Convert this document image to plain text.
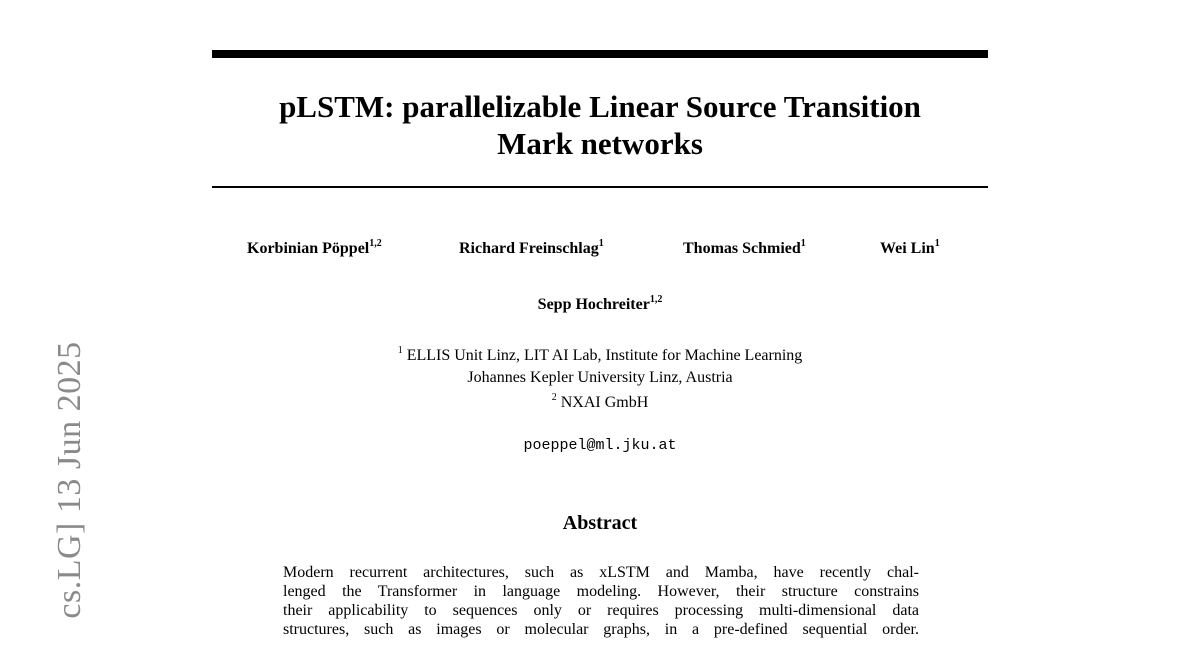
cs.LG] 13 Jun 2025
pLSTM: parallelizable Linear Source Transition
Mark networks
Korbinian Pöppel$^{1,2}$	Richard Freinschlag$^1$	Thomas Schmied$^1$	Wei Lin$^1$
Sepp Hochreiter$^{1,2}$
$^1$ ELLIS Unit Linz, LIT AI Lab, Institute for Machine Learning
Johannes Kepler University Linz, Austria
$^2$ NXAI GmbH
poeppel@ml.jku.at
Abstract
Modern recurrent architectures, such as xLSTM and Mamba, have recently chal-
lenged the Transformer in language modeling. However, their structure constrains
their applicability to sequences only or requires processing multi-dimensional data
structures, such as images or molecular graphs, in a pre-defined sequential order.
